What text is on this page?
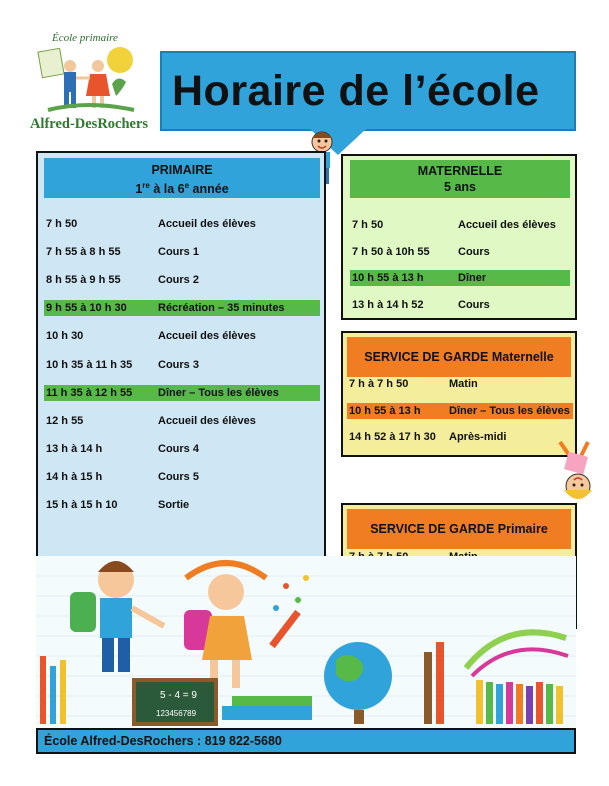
École primaire
Alfred-DesRochers
Horaire de l’école
PRIMAIRE
1re à la 6e année
7 h 50	Accueil des élèves
7 h 55 à 8 h 55	Cours 1
8 h 55 à 9 h 55	Cours 2
9 h 55 à 10 h 30	Récréation – 35 minutes
10 h 30	Accueil des élèves
10 h 35 à 11 h 35 Cours 3
11 h 35 à 12 h 55 Dîner – Tous les élèves
12 h 55	Accueil des élèves
13 h à 14 h	Cours 4
14 h à 15 h	Cours 5
15 h à 15 h 10	Sortie
MATERNELLE
5 ans
7 h 50	Accueil des élèves
7 h 50 à 10h 55	Cours
10 h 55 à 13 h	Dîner
13 h à 14 h 52	Cours
SERVICE DE GARDE Maternelle
7 h à 7 h 50	Matin
10 h 55 à 13 h	Dîner – Tous les élèves
14 h 52 à 17 h 30 Après-midi
SERVICE DE GARDE Primaire
5 - 4 = 9
123456789
École Alfred-DesRochers : 819 822-5680
